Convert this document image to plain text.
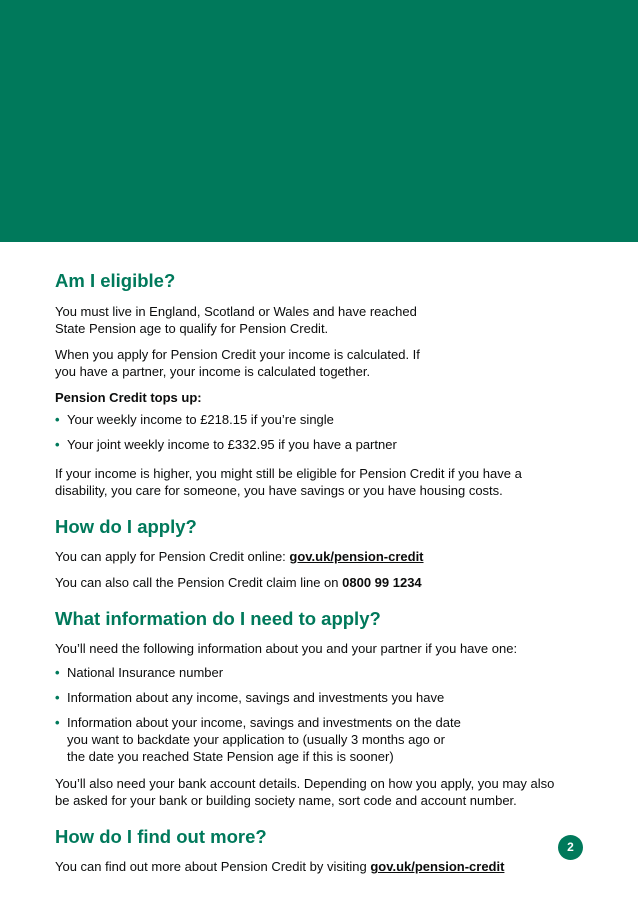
Am I eligible?

You must live in England, Scotland or Wales and have reached State Pension age to qualify for Pension Credit.

When you apply for Pension Credit your income is calculated. If you have a partner, your income is calculated together.

Pension Credit tops up:

• Your weekly income to £218.15 if you’re single
• Your joint weekly income to £332.95 if you have a partner

If your income is higher, you might still be eligible for Pension Credit if you have a disability, you care for someone, you have savings or you have housing costs.

How do I apply?

You can apply for Pension Credit online: gov.uk/pension-credit

You can also call the Pension Credit claim line on 0800 99 1234

What information do I need to apply?

You’ll need the following information about you and your partner if you have one:

• National Insurance number
• Information about any income, savings and investments you have
• Information about your income, savings and investments on the date you want to backdate your application to (usually 3 months ago or the date you reached State Pension age if this is sooner)

You’ll also need your bank account details. Depending on how you apply, you may also be asked for your bank or building society name, sort code and account number.

How do I find out more?

You can find out more about Pension Credit by visiting gov.uk/pension-credit

2
